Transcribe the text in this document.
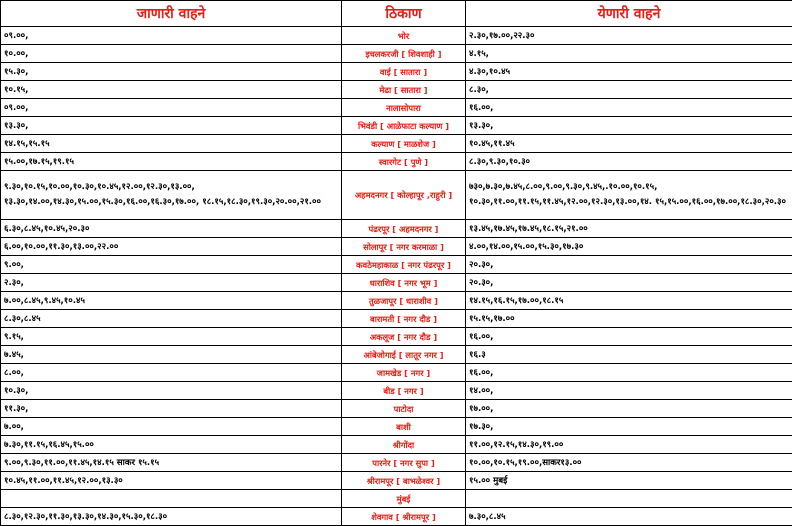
जाणारी वाहने	ठिकाण	येणारी वाहने
०९.००,	भोर	२.३०,१७.००,२२.३०
१०.००,	इचलकरजी [ शिवशाही ]	४.१५,
१५.३०,	वाई [ सातारा ]	४.३०,१०.४५
१०.१५,	मेढा [ सातारा ]	८.३०,
०९.००,	नालासोपारा	१६.००,
१३.३०,	भिवंडी [ आळेफाटा कल्याण ]	१३.३०,
१४.१५,१५.१५	कल्याण [ माळशेज ]	१०.४५,११.४५
१५.००,१७.१५,१९.१५	स्वारगेट [ पुणे ]	८.३०,९.३०,१०.३०
९.३०,१०.१५,१०.००,१०.३०,१०.४५,१२.००,१२.३०,१३.००, १३.३०,१४.००,१४.३०,१५.००,१५.३०,१६.००,१६.३०,१७.००, १८.१५,१८.३०,१९.३०,२०.००,२१.००	अहमदनगर [ कोल्हापूर ,राहुरी ]	७३०,७.३०,७.४५,८.००,९.००,९.३०,९.४५,.१०.००,१०.१५, १०.३०,११.००,११.१५,११.४५,१२.००,१२.३०,१३.००,१४. १५,१५.००,१६.००,१७.००,१८.३०,२०.३०
६.३०,८.४५,१०.४५,२०.३०	पंढरपूर [ अहमदनगर ]	१३.४५,१७.४५,१७.४५,१८.१५,२१.००
६.००,१०.००,११.३०,१३.००,२२.००	सोलापूर [ नगर करमाळा ]	४.००,१४.००,१५.००,१५.३०,१७.३०
९.००,	कवठेमहाकाळ [ नगर पंढरपूर ]	२०.३०,
२.३०,	धाराशिव [ नगर भूम ]	२०.३०,
७.००,८.४५,९.४५,१०.४५	तुळजापूर [ धाराशीव ]	१४.१५,१६.१५,१७.००,१८.१५
८.३०,८.४५	बारामती [ नगर दौड ]	१५.१५,१७.००
९.१५,	अकलूज [ नगर दौड ]	१६.००,
७.४५,	आंबेजोगाई [ लातूर नगर ]	१६.३
८.००,	जामखेड [ नगर ]	१६.००,
१०.३०,	बीड [ नगर ]	१४.००,
११.३०,	पाटोदा	१७.००,
७.००,	बाशी	१७.३०,
७.३०,११.१५,१६.४५,१५.००	श्रीगोंदा	११.००,१२.१५,१४.३०,१९.००
९.००,९.३०,११.००,११.४५,१४.१५ साकर १५.१५	पारनेर [ नगर सुपा ]	१०.००,१०.१५,१९.००,साकर१३.००
१०.४५,११.००,११.४५,१२.००,१३.३०	श्रीरामपूर [ बाभळेश्वर ]	१५.०० मुबई
	मुंबई	
८.३०,१२.३०,११.३०,१३.३०,१४.३०,१५.३०,१८.३०	शेवगाव [ श्रीरामपूर ]	७.३०,८.४५
